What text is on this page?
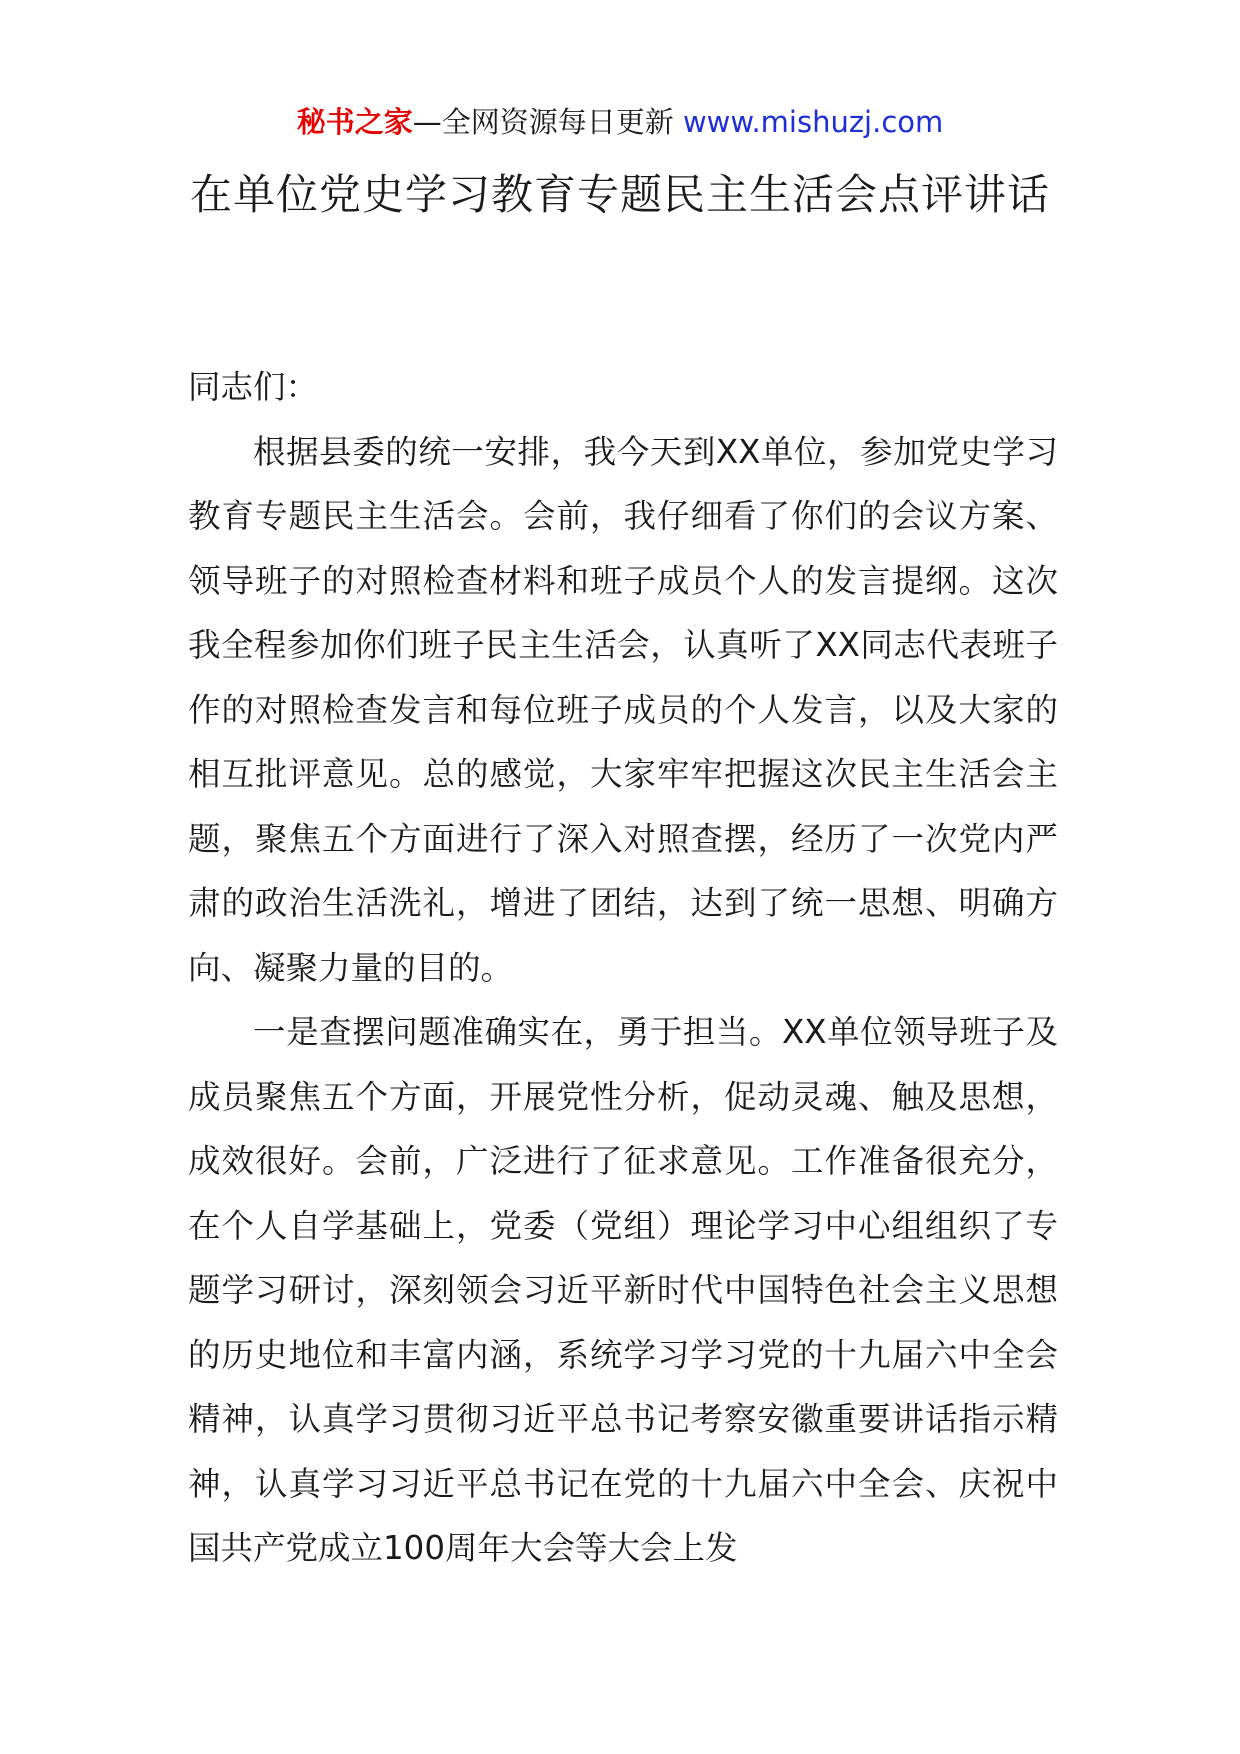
秘书之家—全网资源每日更新 www.mishuzj.com
在单位党史学习教育专题民主生活会点评讲话

同志们：

根据县委的统一安排，我今天到XX单位，参加党史学习教育专题民主生活会。会前，我仔细看了你们的会议方案、领导班子的对照检查材料和班子成员个人的发言提纲。这次我全程参加你们班子民主生活会，认真听了XX同志代表班子作的对照检查发言和每位班子成员的个人发言，以及大家的相互批评意见。总的感觉，大家牢牢把握这次民主生活会主题，聚焦五个方面进行了深入对照查摆，经历了一次党内严肃的政治生活洗礼，增进了团结，达到了统一思想、明确方向、凝聚力量的目的。

一是查摆问题准确实在，勇于担当。XX单位领导班子及成员聚焦五个方面，开展党性分析，促动灵魂、触及思想，成效很好。会前，广泛进行了征求意见。工作准备很充分，在个人自学基础上，党委（党组）理论学习中心组组织了专题学习研讨，深刻领会习近平新时代中国特色社会主义思想的历史地位和丰富内涵，系统学习学习党的十九届六中全会精神，认真学习贯彻习近平总书记考察安徽重要讲话指示精神，认真学习习近平总书记在党的十九届六中全会、庆祝中国共产党成立100周年大会等大会上发
